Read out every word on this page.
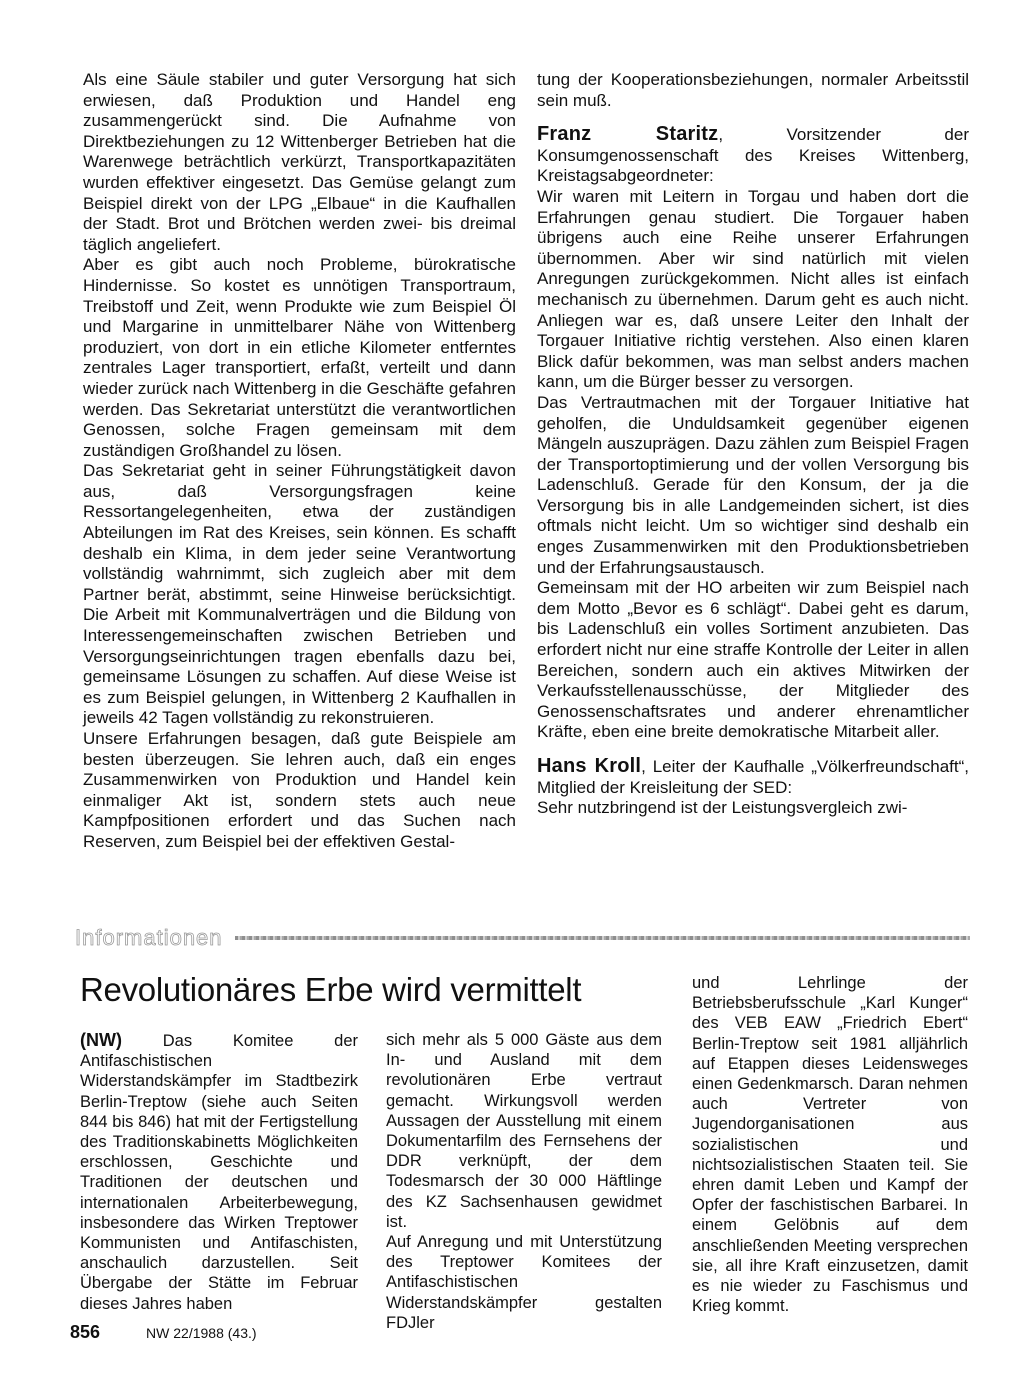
Als eine Säule stabiler und guter Versorgung hat sich erwiesen, daß Produktion und Handel eng zusammengerückt sind. Die Aufnahme von Direktbeziehungen zu 12 Wittenberger Betrieben hat die Warenwege beträchtlich verkürzt, Transportkapazitäten wurden effektiver eingesetzt. Das Gemüse gelangt zum Beispiel direkt von der LPG „Elbaue“ in die Kaufhallen der Stadt. Brot und Brötchen werden zwei- bis dreimal täglich angeliefert.

Aber es gibt auch noch Probleme, bürokratische Hindernisse. So kostet es unnötigen Transportraum, Treibstoff und Zeit, wenn Produkte wie zum Beispiel Öl und Margarine in unmittelbarer Nähe von Wittenberg produziert, von dort in ein etliche Kilometer entferntes zentrales Lager transportiert, erfaßt, verteilt und dann wieder zurück nach Wittenberg in die Geschäfte gefahren werden. Das Sekretariat unterstützt die verantwortlichen Genossen, solche Fragen gemeinsam mit dem zuständigen Großhandel zu lösen.

Das Sekretariat geht in seiner Führungstätigkeit davon aus, daß Versorgungsfragen keine Ressortangelegenheiten, etwa der zuständigen Abteilungen im Rat des Kreises, sein können. Es schafft deshalb ein Klima, in dem jeder seine Verantwortung vollständig wahrnimmt, sich zugleich aber mit dem Partner berät, abstimmt, seine Hinweise berücksichtigt. Die Arbeit mit Kommunalverträgen und die Bildung von Interessengemeinschaften zwischen Betrieben und Versorgungseinrichtungen tragen ebenfalls dazu bei, gemeinsame Lösungen zu schaffen. Auf diese Weise ist es zum Beispiel gelungen, in Wittenberg 2 Kaufhallen in jeweils 42 Tagen vollständig zu rekonstruieren.

Unsere Erfahrungen besagen, daß gute Beispiele am besten überzeugen. Sie lehren auch, daß ein enges Zusammenwirken von Produktion und Handel kein einmaliger Akt ist, sondern stets auch neue Kampfpositionen erfordert und das Suchen nach Reserven, zum Beispiel bei der effektiven Gestal-

tung der Kooperationsbeziehungen, normaler Arbeitsstil sein muß.

Franz Staritz, Vorsitzender der Konsumgenossenschaft des Kreises Wittenberg, Kreistagsabgeordneter:

Wir waren mit Leitern in Torgau und haben dort die Erfahrungen genau studiert. Die Torgauer haben übrigens auch eine Reihe unserer Erfahrungen übernommen. Aber wir sind natürlich mit vielen Anregungen zurückgekommen. Nicht alles ist einfach mechanisch zu übernehmen. Darum geht es auch nicht. Anliegen war es, daß unsere Leiter den Inhalt der Torgauer Initiative richtig verstehen. Also einen klaren Blick dafür bekommen, was man selbst anders machen kann, um die Bürger besser zu versorgen.

Das Vertrautmachen mit der Torgauer Initiative hat geholfen, die Unduldsamkeit gegenüber eigenen Mängeln auszuprägen. Dazu zählen zum Beispiel Fragen der Transportoptimierung und der vollen Versorgung bis Ladenschluß. Gerade für den Konsum, der ja die Versorgung bis in alle Landgemeinden sichert, ist dies oftmals nicht leicht. Um so wichtiger sind deshalb ein enges Zusammenwirken mit den Produktionsbetrieben und der Erfahrungsaustausch.

Gemeinsam mit der HO arbeiten wir zum Beispiel nach dem Motto „Bevor es 6 schlägt“. Dabei geht es darum, bis Ladenschluß ein volles Sortiment anzubieten. Das erfordert nicht nur eine straffe Kontrolle der Leiter in allen Bereichen, sondern auch ein aktives Mitwirken der Verkaufsstellenausschüsse, der Mitglieder des Genossenschaftsrates und anderer ehrenamtlicher Kräfte, eben eine breite demokratische Mitarbeit aller.

Hans Kroll, Leiter der Kaufhalle „Völkerfreundschaft“, Mitglied der Kreisleitung der SED:

Sehr nutzbringend ist der Leistungsvergleich zwi-

Informationen
Revolutionäres Erbe wird vermittelt

(NW) Das Komitee der Antifaschistischen Widerstandskämpfer im Stadtbezirk Berlin-Treptow (siehe auch Seiten 844 bis 846) hat mit der Fertigstellung des Traditionskabinetts Möglichkeiten erschlossen, Geschichte und Traditionen der deutschen und internationalen Arbeiterbewegung, insbesondere das Wirken Treptower Kommunisten und Antifaschisten, anschaulich darzustellen. Seit Übergabe der Stätte im Februar dieses Jahres haben

sich mehr als 5 000 Gäste aus dem In- und Ausland mit dem revolutionären Erbe vertraut gemacht. Wirkungsvoll werden Aussagen der Ausstellung mit einem Dokumentarfilm des Fernsehens der DDR verknüpft, der dem Todesmarsch der 30 000 Häftlinge des KZ Sachsenhausen gewidmet ist.

Auf Anregung und mit Unterstützung des Treptower Komitees der Antifaschistischen Widerstandskämpfer gestalten FDJler

und Lehrlinge der Betriebsberufsschule „Karl Kunger“ des VEB EAW „Friedrich Ebert“ Berlin-Treptow seit 1981 alljährlich auf Etappen dieses Leidensweges einen Gedenkmarsch. Daran nehmen auch Vertreter von Jugendorganisationen aus sozialistischen und nichtsozialistischen Staaten teil. Sie ehren damit Leben und Kampf der Opfer der faschistischen Barbarei. In einem Gelöbnis auf dem anschließenden Meeting versprechen sie, all ihre Kraft einzusetzen, damit es nie wieder zu Faschismus und Krieg kommt.

856	NW 22/1988 (43.)
